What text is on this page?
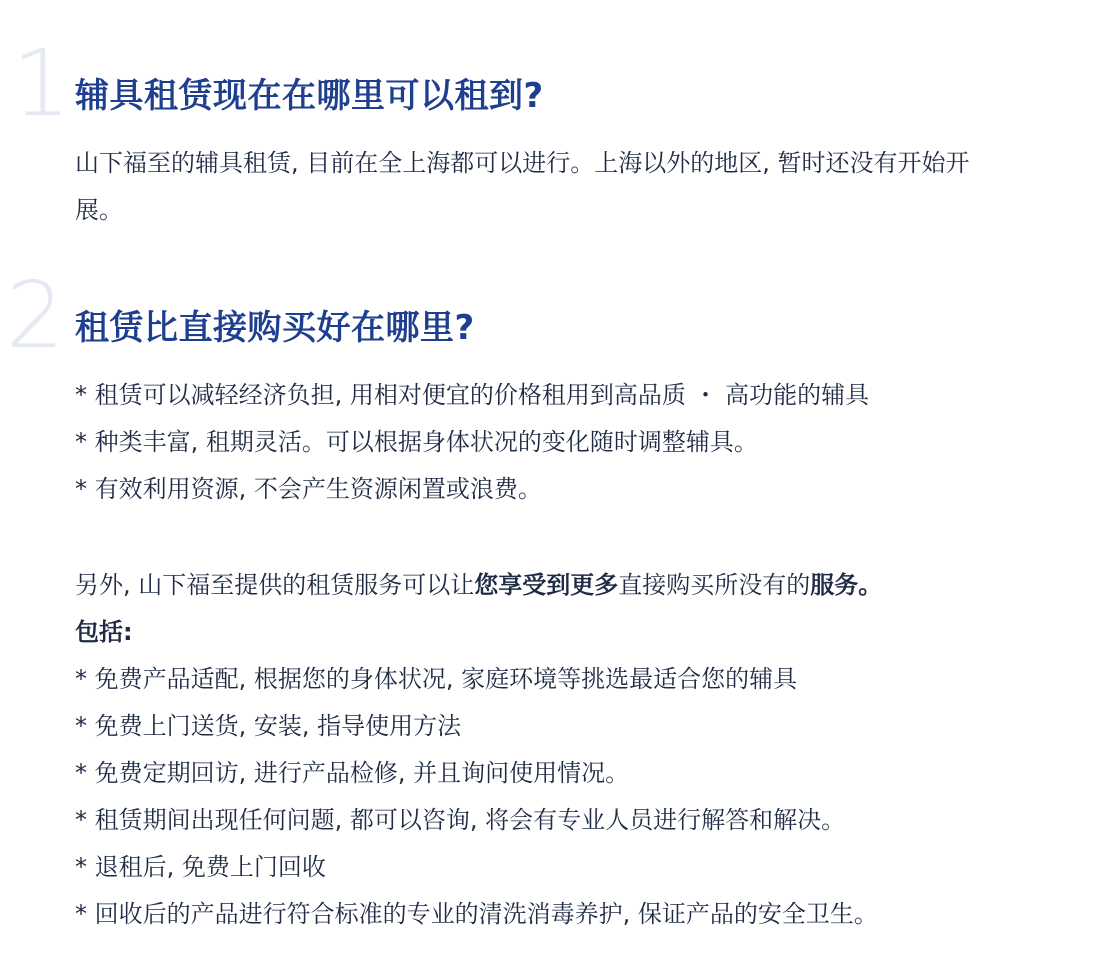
1 辅具租赁现在在哪里可以租到?

山下福至的辅具租赁, 目前在全上海都可以进行。上海以外的地区, 暂时还没有开始开展。

2 租赁比直接购买好在哪里?
* 租赁可以减轻经济负担, 用相对便宜的价格租用到高品质 ・ 高功能的辅具
* 种类丰富, 租期灵活。可以根据身体状况的变化随时调整辅具。
* 有效利用资源, 不会产生资源闲置或浪费。

另外, 山下福至提供的租赁服务可以让您享受到更多直接购买所没有的服务。

包括:

* 免费产品适配, 根据您的身体状况, 家庭环境等挑选最适合您的辅具
* 免费上门送货, 安装, 指导使用方法
* 免费定期回访, 进行产品检修, 并且询问使用情况。
* 租赁期间出现任何问题, 都可以咨询, 将会有专业人员进行解答和解决。
* 退租后, 免费上门回收
* 回收后的产品进行符合标准的专业的清洗消毒养护, 保证产品的安全卫生。
